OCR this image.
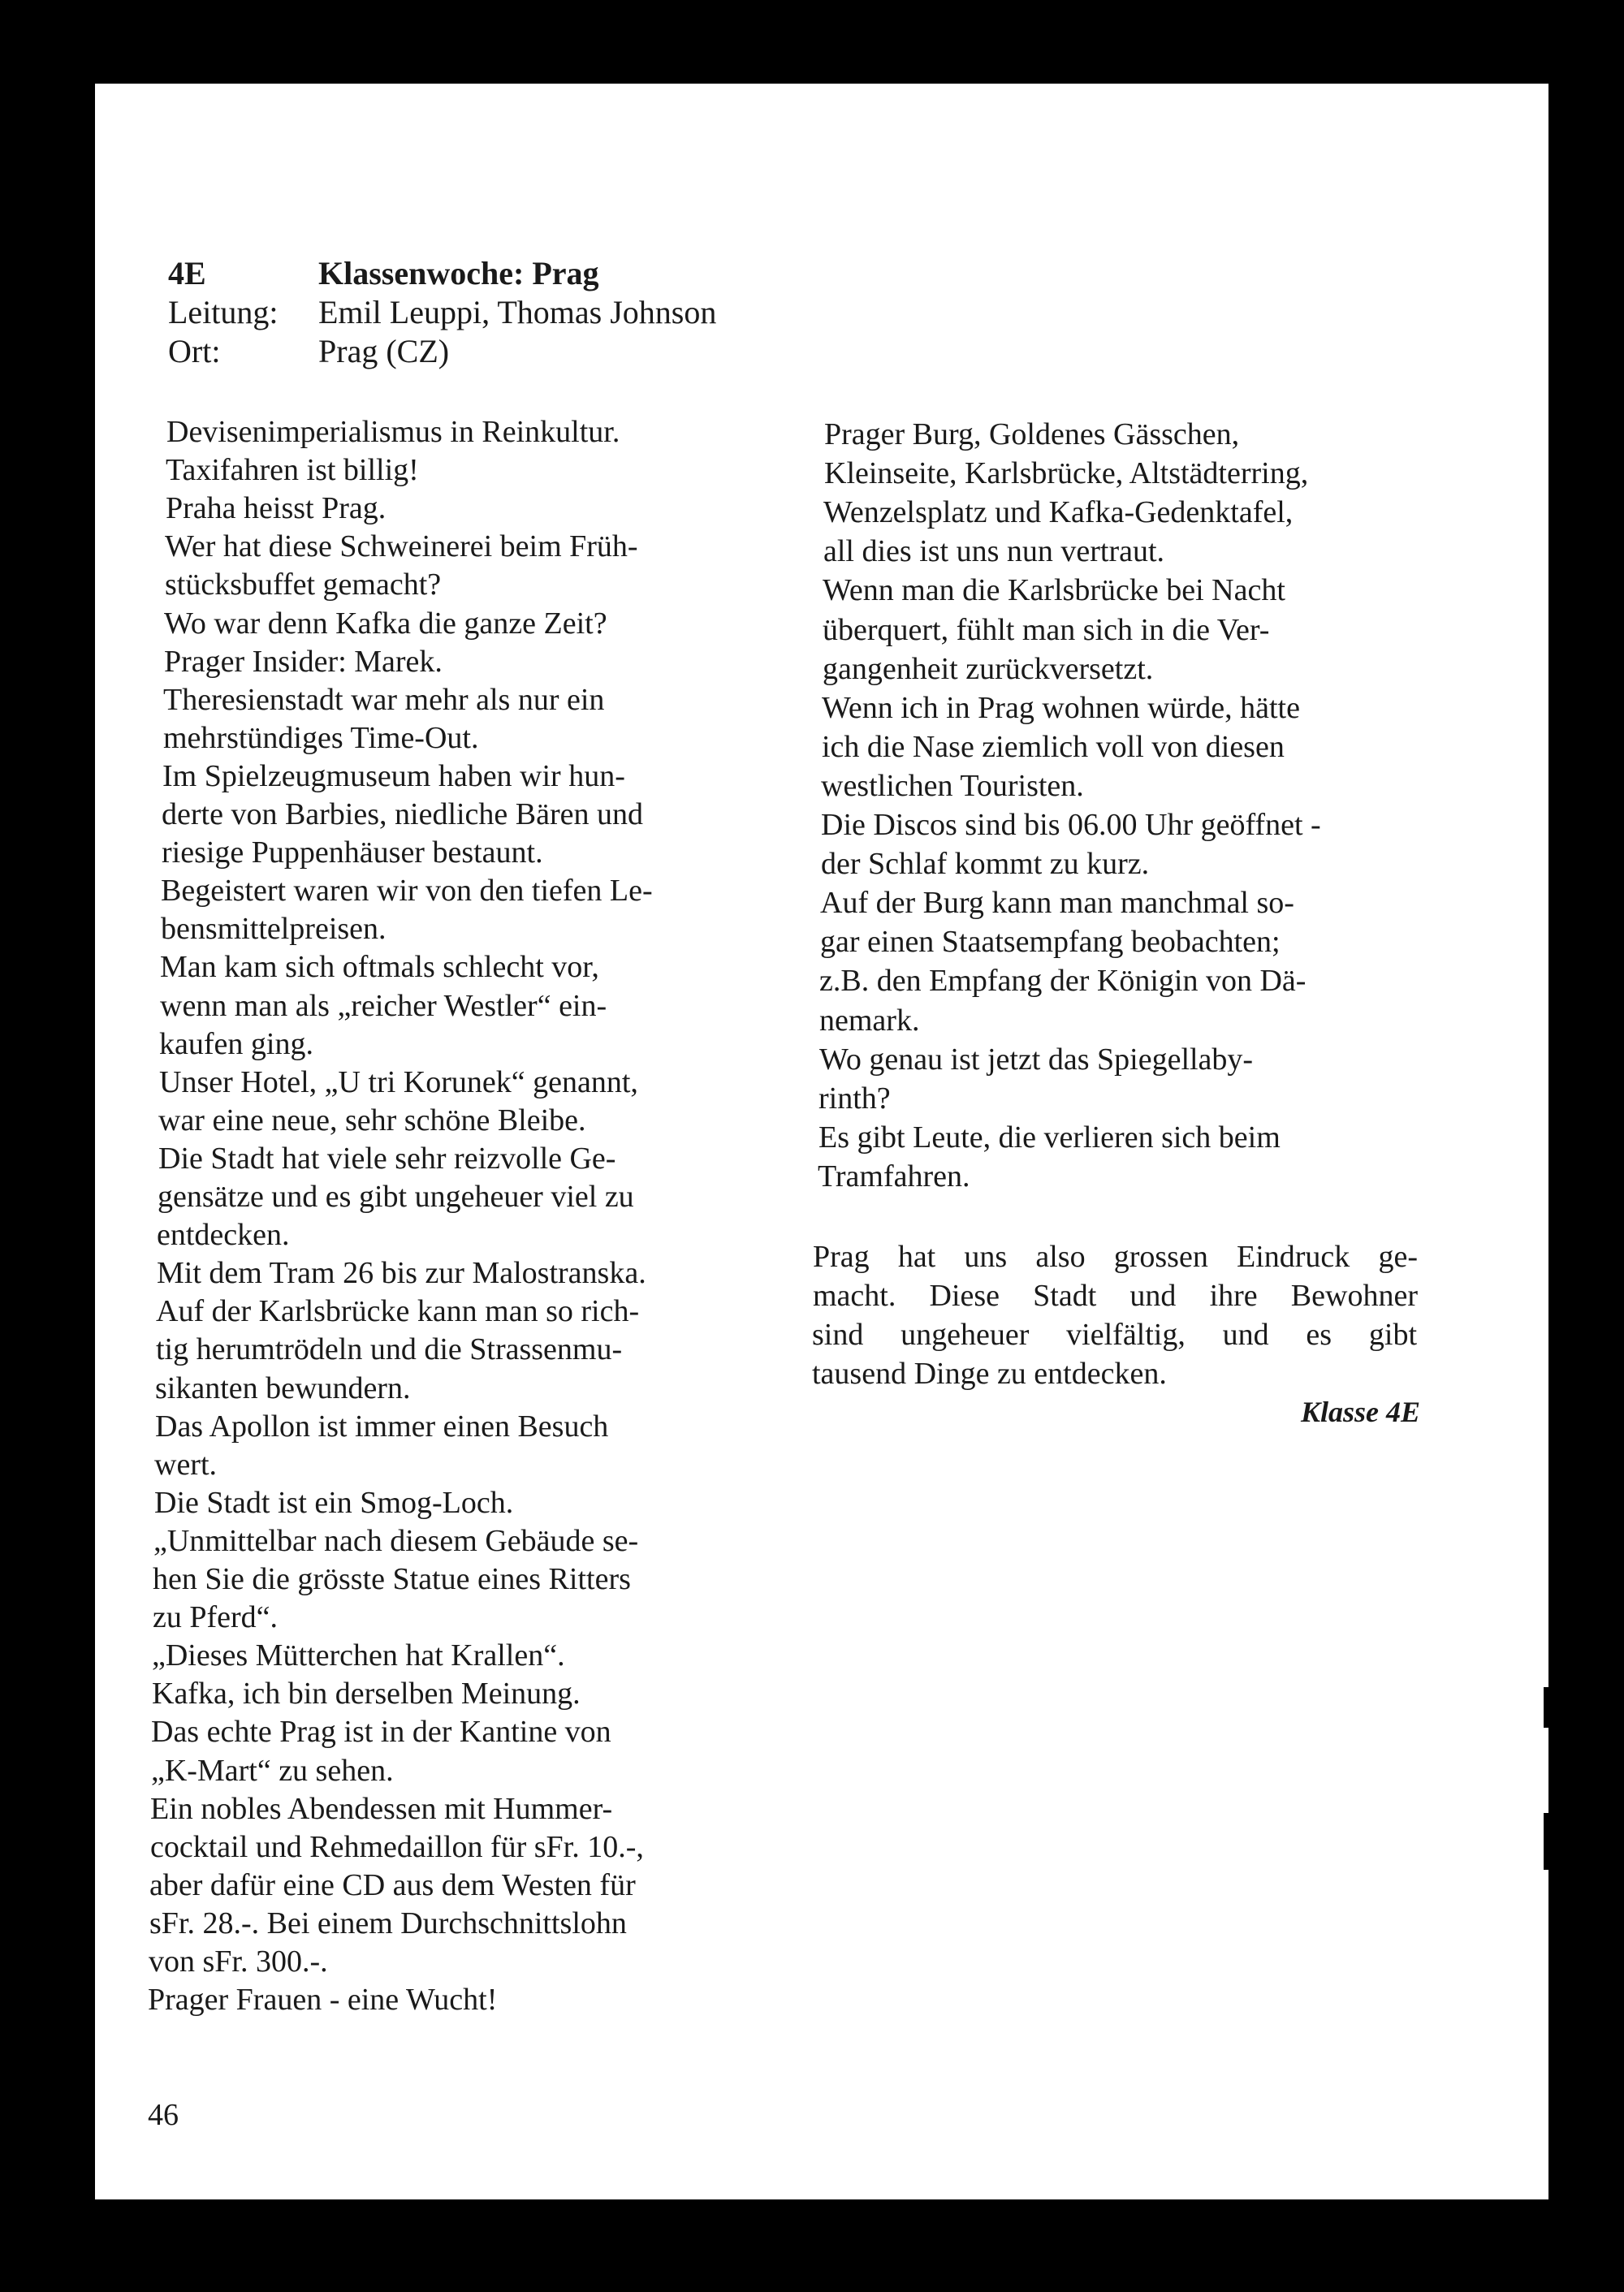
4E	Klassenwoche: Prag
Leitung: Emil Leuppi, Thomas Johnson
Ort:	Prag (CZ)
Devisenimperialismus in Reinkultur.
Taxifahren ist billig!
Praha heisst Prag.
Wer hat diese Schweinerei beim Früh-
stücksbuffet gemacht?
Wo war denn Kafka die ganze Zeit?
Prager Insider: Marek.
Theresienstadt war mehr als nur ein
mehrstündiges Time-Out.
Im Spielzeugmuseum haben wir hun-
derte von Barbies, niedliche Bären und
riesige Puppenhäuser bestaunt.
Begeistert waren wir von den tiefen Le-
bensmittelpreisen.
Man kam sich oftmals schlecht vor,
wenn man als „reicher Westler“ ein-
kaufen ging.
Unser Hotel, „U tri Korunek“ genannt,
war eine neue, sehr schöne Bleibe.
Die Stadt hat viele sehr reizvolle Ge-
gensätze und es gibt ungeheuer viel zu
entdecken.
Mit dem Tram 26 bis zur Malostranska.
Auf der Karlsbrücke kann man so rich-
tig herumtrödeln und die Strassenmu-
sikanten bewundern.
Das Apollon ist immer einen Besuch
wert.
Die Stadt ist ein Smog-Loch.
„Unmittelbar nach diesem Gebäude se-
hen Sie die grösste Statue eines Ritters
zu Pferd“.
„Dieses Mütterchen hat Krallen“.
Kafka, ich bin derselben Meinung.
Das echte Prag ist in der Kantine von
„K-Mart“ zu sehen.
Ein nobles Abendessen mit Hummer-
cocktail und Rehmedaillon für sFr. 10.-,
aber dafür eine CD aus dem Westen für
sFr. 28.-. Bei einem Durchschnittslohn
von sFr. 300.-.
Prager Frauen - eine Wucht!
Prager Burg, Goldenes Gässchen,
Kleinseite, Karlsbrücke, Altstädterring,
Wenzelsplatz und Kafka-Gedenktafel,
all dies ist uns nun vertraut.
Wenn man die Karlsbrücke bei Nacht
überquert, fühlt man sich in die Ver-
gangenheit zurückversetzt.
Wenn ich in Prag wohnen würde, hätte
ich die Nase ziemlich voll von diesen
westlichen Touristen.
Die Discos sind bis 06.00 Uhr geöffnet -
der Schlaf kommt zu kurz.
Auf der Burg kann man manchmal so-
gar einen Staatsempfang beobachten;
z.B. den Empfang der Königin von Dä-
nemark.
Wo genau ist jetzt das Spiegellaby-
rinth?
Es gibt Leute, die verlieren sich beim
Tramfahren.
Prag hat uns also grossen Eindruck ge-
macht. Diese Stadt und ihre Bewohner
sind ungeheuer vielfältig, und es gibt
tausend Dinge zu entdecken.
Klasse 4E
46
